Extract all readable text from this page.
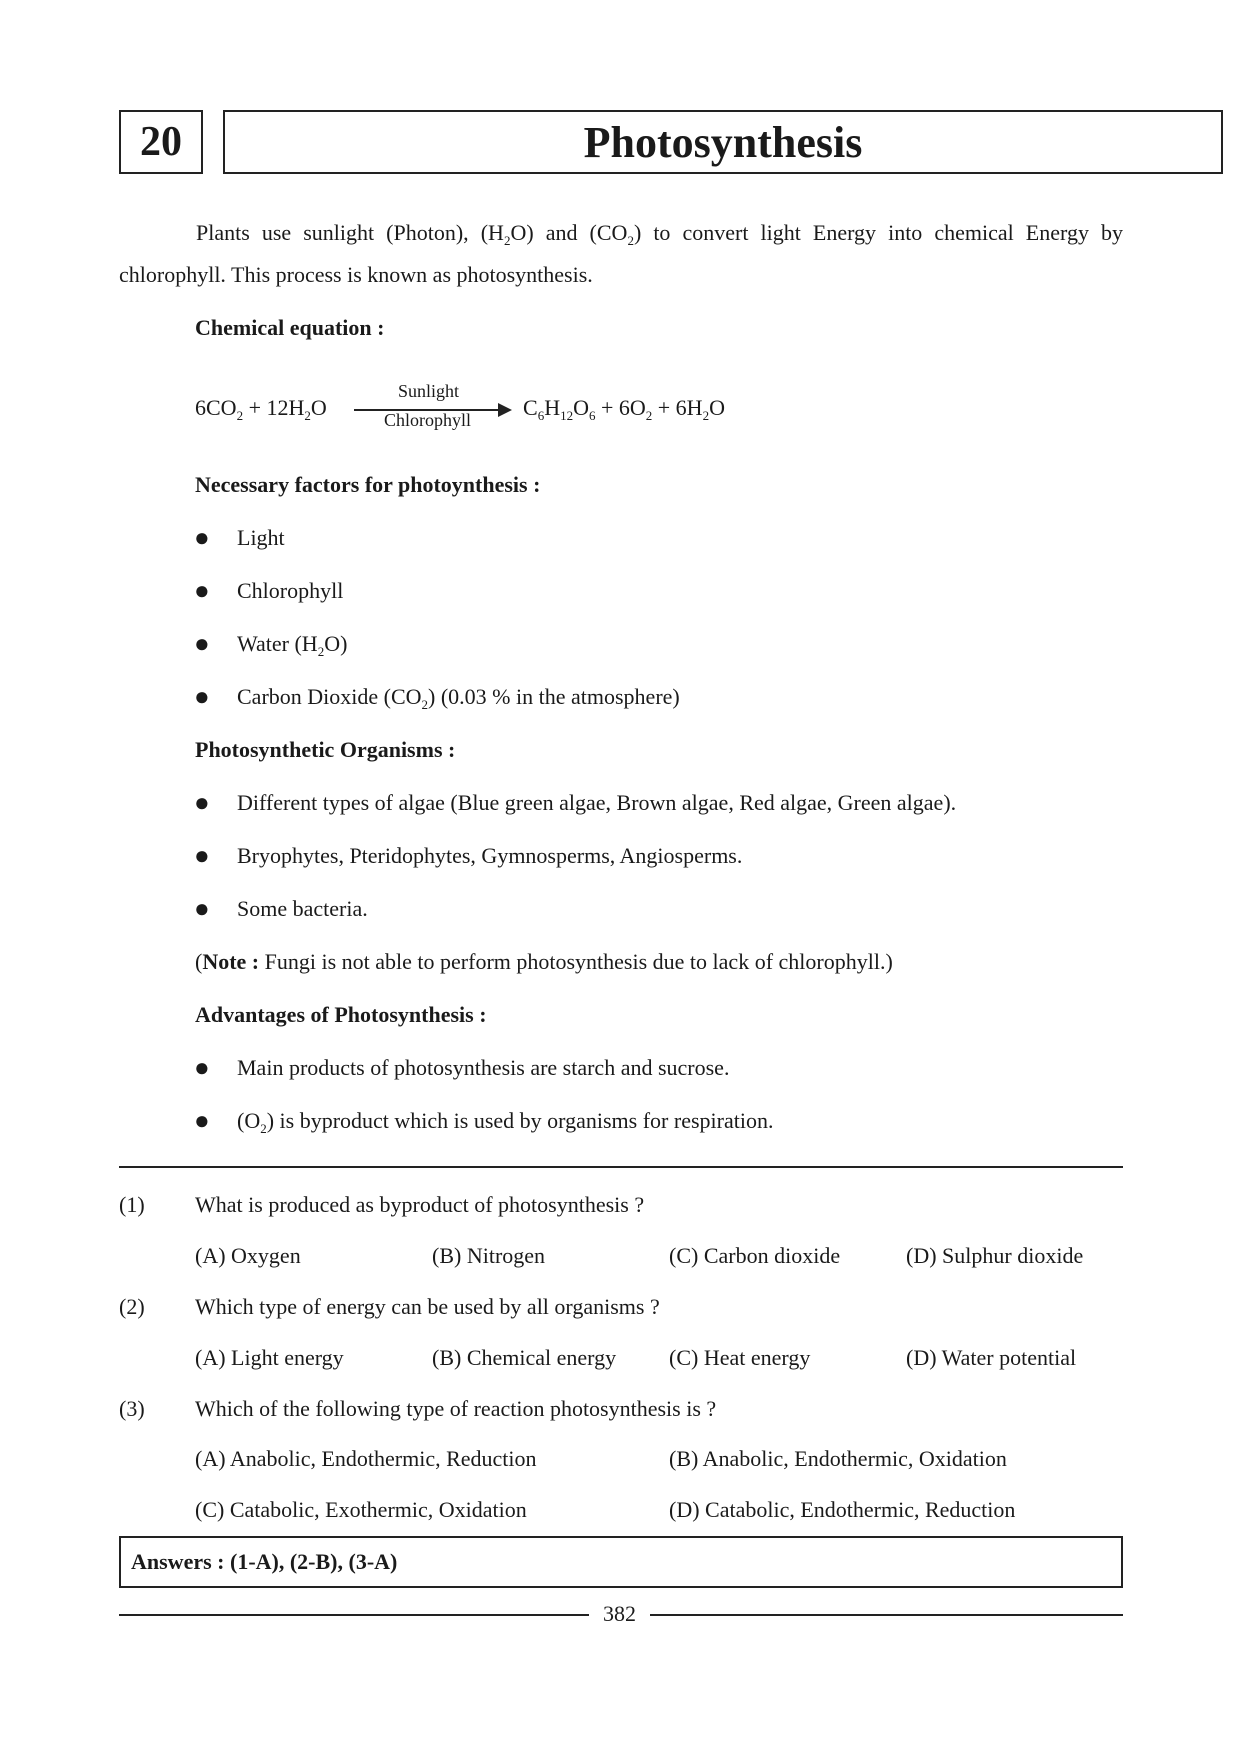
20	Photosynthesis
Plants use sunlight (Photon), $(H_2O)$ and $(CO_2)$ to convert light Energy into chemical Energy by chlorophyll. This process is known as photosynthesis.
Chemical equation :
$6CO_2 + 12H_2O$
Sunlight
Chlorophyll $C_6H_{12}O_6 + 6O_2 + 6H_2O$
Necessary factors for photoynthesis :
● Light
● Chlorophyll
● Water $(H_2O)$
● Carbon Dioxide $(CO_2)$ (0.03 % in the atmosphere)
Photosynthetic Organisms :
● Different types of algae (Blue green algae, Brown algae, Red algae, Green algae).
● Bryophytes, Pteridophytes, Gymnosperms, Angiosperms.
● Some bacteria.
(Note : Fungi is not able to perform photosynthesis due to lack of chlorophyll.)
Advantages of Photosynthesis :
● Main products of photosynthesis are starch and sucrose.
● $(O_2)$ is byproduct which is used by organisms for respiration.
(1) What is produced as byproduct of photosynthesis ?
(A) Oxygen	(B) Nitrogen	(C) Carbon dioxide	(D) Sulphur dioxide
(2) Which type of energy can be used by all organisms ?
(A) Light energy	(B) Chemical energy (C) Heat energy	(D) Water potential
(3) Which of the following type of reaction photosynthesis is ?
(A) Anabolic, Endothermic, Reduction	(B) Anabolic, Endothermic, Oxidation
(C) Catabolic, Exothermic, Oxidation	(D) Catabolic, Endothermic, Reduction
Answers : (1-A), (2-B), (3-A)
382
